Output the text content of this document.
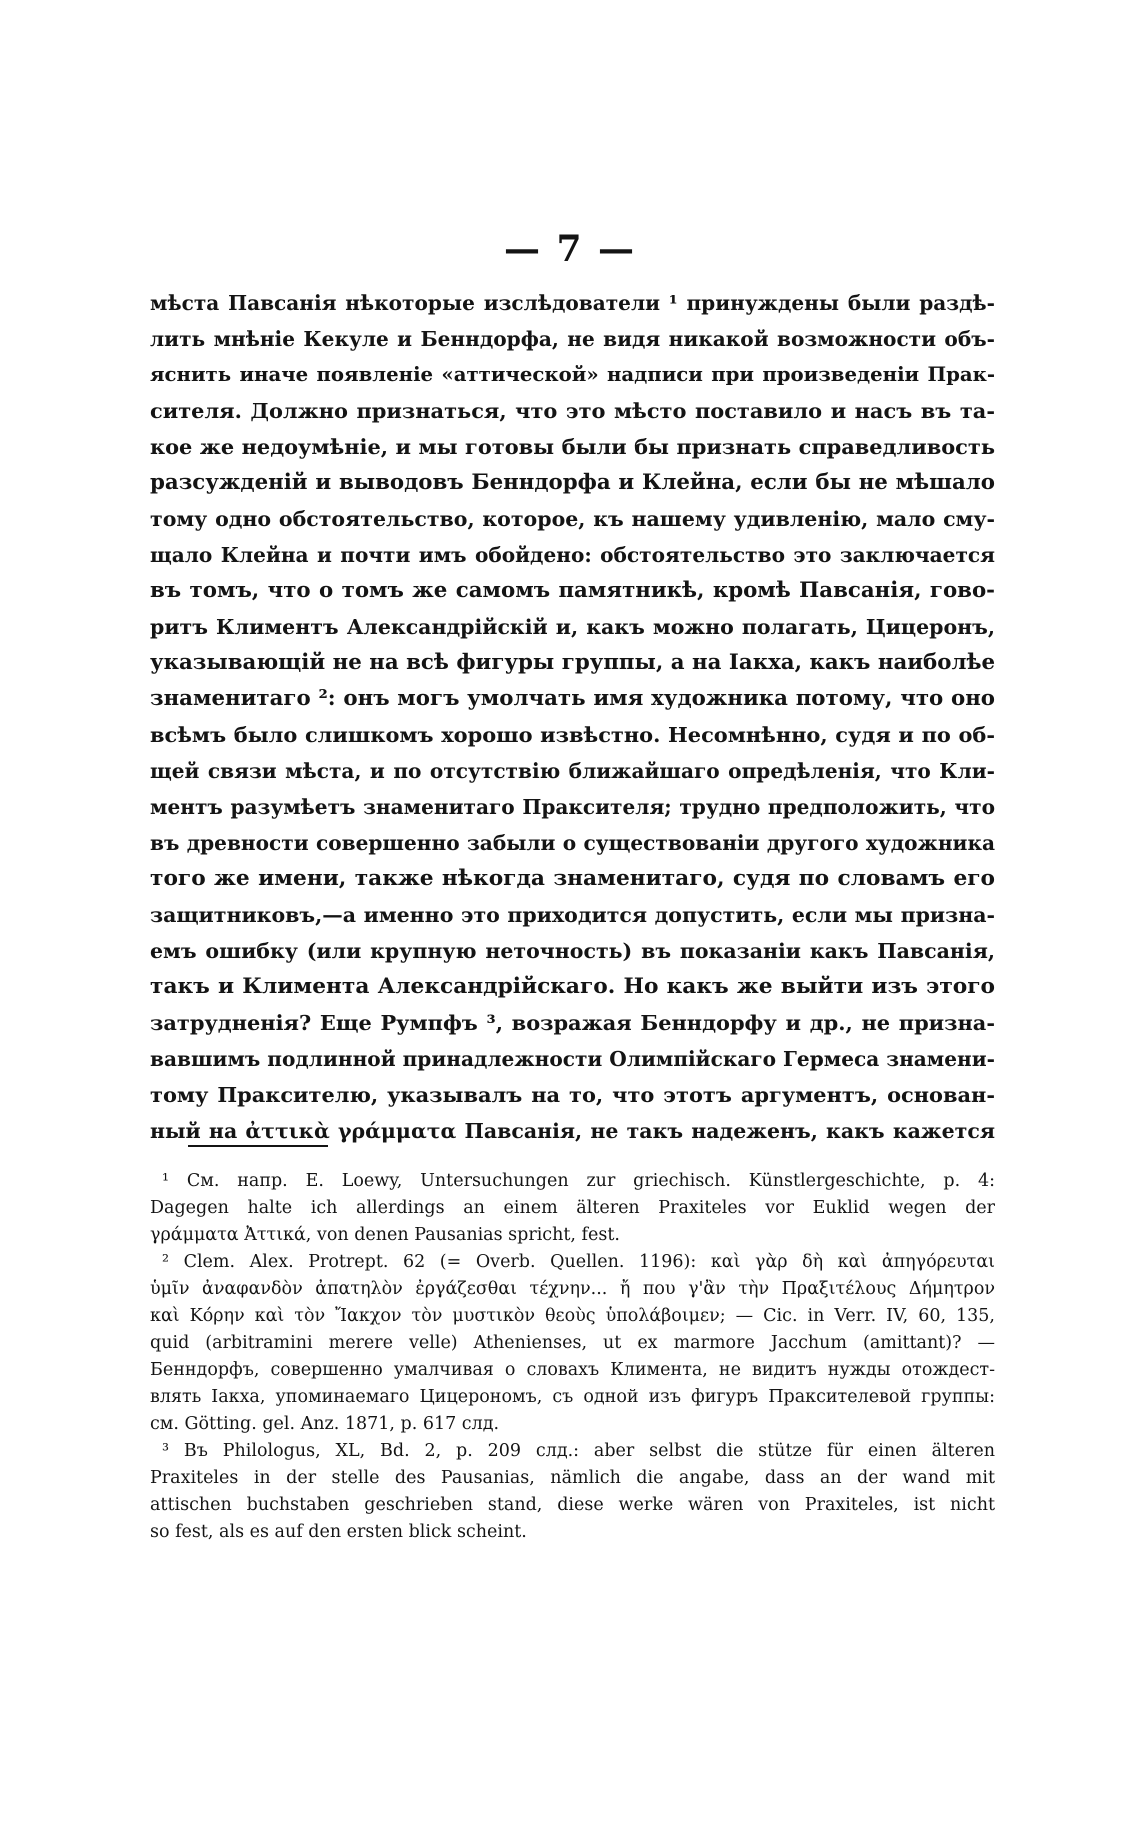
— 7 —
мѣста Павсанія нѣкоторые изслѣдователи ¹ принуждены были раздѣ-
лить мнѣніе Кекуле и Бенндорфа, не видя никакой возможности объ-
яснить иначе появленіе «аттической» надписи при произведеніи Прак-
сителя. Должно признаться, что это мѣсто поставило и насъ въ та-
кое же недоумѣніе, и мы готовы были бы признать справедливость
разсужденій и выводовъ Бенндорфа и Клейна, если бы не мѣшало
тому одно обстоятельство, которое, къ нашему удивленію, мало сму-
щало Клейна и почти имъ обойдено: обстоятельство это заключается
въ томъ, что о томъ же самомъ памятникѣ, кромѣ Павсанія, гово-
ритъ Климентъ Александрійскій и, какъ можно полагать, Цицеронъ,
указывающій не на всѣ фигуры группы, а на Іакха, какъ наиболѣе
знаменитаго ²: онъ могъ умолчать имя художника потому, что оно
всѣмъ было слишкомъ хорошо извѣстно. Несомнѣнно, судя и по об-
щей связи мѣста, и по отсутствію ближайшаго опредѣленія, что Кли-
ментъ разумѣетъ знаменитаго Праксителя; трудно предположить, что
въ древности совершенно забыли о существованіи другого художника
того же имени, также нѣкогда знаменитаго, судя по словамъ его
защитниковъ,—а именно это приходится допустить, если мы призна-
емъ ошибку (или крупную неточность) въ показаніи какъ Павсанія,
такъ и Климента Александрійскаго. Но какъ же выйти изъ этого
затрудненія? Еще Румпфъ ³, возражая Бенндорфу и др., не призна-
вавшимъ подлинной принадлежности Олимпійскаго Гермеса знамени-
тому Праксителю, указывалъ на то, что этотъ аргументъ, основан-
ный на ἀττικὰ γράμματα Павсанія, не такъ надеженъ, какъ кажется
¹ См. напр. E. Loewy, Untersuchungen zur griechisch. Künstlergeschichte, p. 4:
Dagegen halte ich allerdings an einem älteren Praxiteles vor Euklid wegen der
γράμματα Ἀττικά, von denen Pausanias spricht, fest.
² Clem. Alex. Protrept. 62 (= Overb. Quellen. 1196): καὶ γὰρ δὴ καὶ ἀπηγόρευται
ὑμῖν ἀναφανδὸν ἀπατηλὸν ἐργάζεσθαι τέχνην... ἤ που γ'ἂν τὴν Πραξιτέλους Δήμητρον
καὶ Κόρην καὶ τὸν Ἴακχον τὸν μυστικὸν θεοὺς ὑπολάβοιμεν; — Cic. in Verr. IV, 60, 135,
quid (arbitramini merere velle) Athenienses, ut ex marmore Jacchum (amittant)? —
Бенндорфъ, совершенно умалчивая о словахъ Климента, не видитъ нужды отождест-
влять Іакха, упоминаемаго Цицерономъ, съ одной изъ фигуръ Праксителевой группы:
см. Götting. gel. Anz. 1871, p. 617 слд.
³ Въ Philologus, XL, Bd. 2, p. 209 слд.: aber selbst die stütze für einen älteren
Praxiteles in der stelle des Pausanias, nämlich die angabe, dass an der wand mit
attischen buchstaben geschrieben stand, diese werke wären von Praxiteles, ist nicht
so fest, als es auf den ersten blick scheint.
